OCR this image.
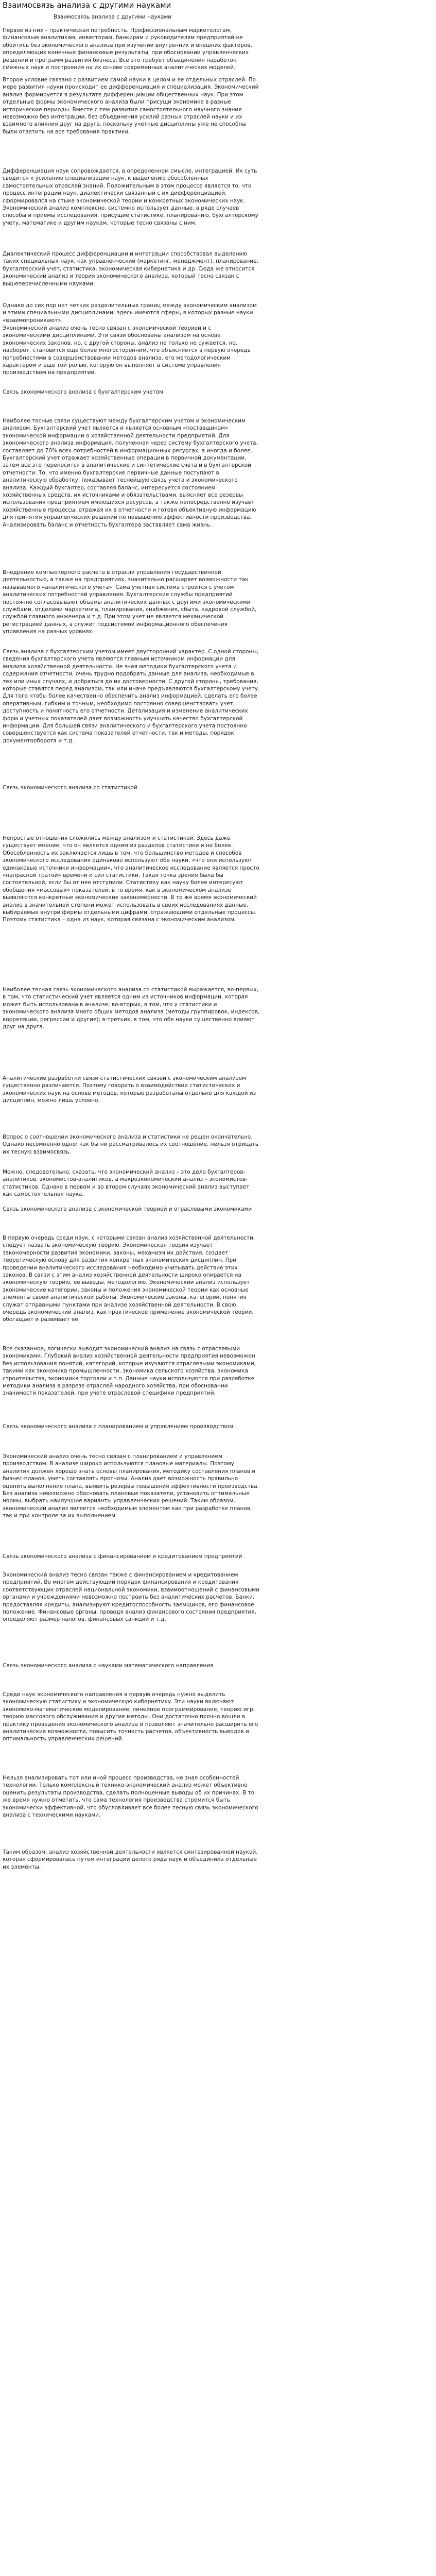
Взаимосвязь анализа с другими науками
Взаимосвязь анализа с другими науками

Первое из них – практическая потребность. Профессиональным маркетологам, финансовым аналитикам, инвесторам, банкирам и руководителям предприятий не обойтись без экономического анализа при изучении внутренних и внешних факторов, определяющих конечные финансовые результаты, при обосновании управленческих решений и программ развития бизнеса. Все это требует объединения наработок смежных наук и построения на их основе современных аналитических моделей.

Второе условие связано с развитием самой науки в целом и ее отдельных отраслей. По мере развития науки происходит ее дифференциация и специализация. Экономический анализ формируется в результате дифференциации общественных наук. При этом отдельные формы экономического анализа были присущи экономике в разные исторические периоды. Вместе с тем развитие самостоятельного научного знания невозможно без интеграции, без объединения усилий разных отраслей науки и их взаимного влияния друг на друга, поскольку учетные дисциплины уже не способны были ответить на все требования практики.

Дифференциация наук сопровождается, в определенном смысле, интеграцией. Их суть сводится к усилению специализации наук, к выделению обособленных самостоятельных отраслей знаний. Положительным в этом процессе является то, что процесс интеграции наук, диалектически связанный с их дифференциацией, сформировался на стыке экономической теории и конкретных экономических наук. Экономический анализ комплексно, системно использует данные, в ряде случаев способы и приемы исследования, присущие статистике, планированию, бухгалтерскому учету, математике и другим наукам, которые тесно связаны с ним.

Диалектический процесс дифференциации и интеграции способствовал выделению таких специальных наук, как управленческий (маркетинг, менеджмент), планирование, бухгалтерский учет, статистика, экономическая кибернетика и др. Сюда же относится экономический анализ и теория экономического анализа, который тесно связан с вышеперечисленными науками.

Однако до сих пор нет четких разделительных границ между экономическим анализом и этими специальными дисциплинами; здесь имеются сферы, в которых разные науки «взаимопроникают».

Экономический анализ очень тесно связан с экономической теорией и с экономическими дисциплинами. Эти связи обоснованы анализом на основе экономических законов, но, с другой стороны, анализ не только не сужается, но, наоборот, становится еще более многосторонним, что объясняется в первую очередь потребностями в совершенствовании методов анализа, его методологическим характером и еще той ролью, которую он выполняет в системе управления производством на предприятии.

Связь экономического анализа с бухгалтерским учетом

Наиболее тесные связи существуют между бухгалтерским учетом и экономическим анализом. Бухгалтерский учет является и является основным «поставщиком» экономической информации о хозяйственной деятельности предприятий. Для экономического анализа информация, полученная через систему бухгалтерского учета, составляет до 70% всех потребностей в информационных ресурсах, а иногда и более. Бухгалтерский учет отражает хозяйственные операции в первичной документации, затем все это переносится в аналитические и синтетические счета и в бухгалтерской отчетности. То, что именно бухгалтерские первичные данные поступают в аналитическую обработку, показывает теснейшую связь учета и экономического анализа. Каждый бухгалтер, составляя баланс, интересуется состоянием хозяйственных средств, их источниками и обязательствами, выясняет все резервы использования предприятием имеющихся ресурсов, а также непосредственно изучает хозяйственные процессы, отражая их в отчетности и готовя объективную информацию для принятия управленческих решений по повышению эффективности производства. Анализировать баланс и отчетность бухгалтера заставляет сама жизнь.

Внедрение компьютерного расчета в отрасли управления государственной деятельностью, а также на предприятиях, значительно расширяет возможности так называемого «аналитического учета». Сама учетная система строится с учетом аналитических потребностей управления. Бухгалтерские службы предприятий постоянно согласовывают объемы аналитических данных с другими экономическими службами, отделами маркетинга, планирования, снабжения, сбыта, кадровой службой, службой главного инженера и т.д. При этом учет не является механической регистрацией данных, а служит подсистемой информационного обеспечения управления на разных уровнях.

Связь анализа с бухгалтерским учетом имеет двусторонний характер. С одной стороны, сведения бухгалтерского учета являются главным источником информации для анализа хозяйственной деятельности. Не зная методики бухгалтерского учета и содержания отчетности, очень трудно подобрать данные для анализа, необходимые в тех или иных случаях, и добраться до их достоверности. С другой стороны, требования, которые ставятся перед анализом, так или иначе предъявляются бухгалтерскому учету. Для того чтобы более качественно обеспечить анализ информацией, сделать его более оперативным, гибким и точным, необходимо постоянно совершенствовать учет, доступность и понятность его отчетности. Детализация и изменение аналитических форм и учетных показателей дает возможность улучшить качество бухгалтерской информации. Для большей связи аналитического и бухгалтерского учета постоянно совершенствуется как система показателей отчетности, так и методы, порядок документооборота и т.д.

Связь экономического анализа со статистикой

Непростые отношения сложились между анализом и статистикой. Здесь даже существует мнение, что он является одним из разделов статистики и не более. Обособленность их заключается лишь в том, что большинство методов и способов экономического исследования одинаково используют обе науки, «что они используют одинаковые источники информации», что аналитическое исследование является просто «напрасной тратой» времени и сил статистики. Такая точка зрения была бы состоятельной, если бы от нее отступили. Статистику как науку более интересуют обобщения «массовых» показателей, в то время, как в экономическом анализе выявляются конкретные экономические закономерности. В то же время экономический анализ в значительной степени может использовать в своих исследованиях данные, выбираемые внутри фирмы отдельными цифрами, отражающими отдельные процессы. Поэтому статистика – одна из наук, которая связана с экономическим анализом.

Наиболее тесная связь экономического анализа со статистикой выражается, во-первых, в том, что статистический учет является одним из источников информации, которая может быть использована в анализе; во-вторых, в том, что у статистики и экономического анализа много общих методов анализа (методы группировок, индексов, корреляции, регрессии и другие); в-третьих, в том, что обе науки существенно влияют друг на друга.

Аналитические разработки связи статистических связей с экономическим анализом существенно различаются. Поэтому говорить о взаимодействии статистических и экономических наук на основе методов, которые разработаны отдельно для каждой из дисциплин, можно лишь условно.

Вопрос о соотношении экономического анализа и статистики не решен окончательно. Однако несомненно одно: как бы ни рассматривалось их соотношение, нельзя отрицать их тесную взаимосвязь.

Можно, следовательно, сказать, что экономический анализ – это дело бухгалтеров-аналитиков, экономистов-аналитиков, а макроэкономический анализ – экономистов-статистиков. Однако в первом и во втором случаях экономический анализ выступает как самостоятельная наука.

Связь экономического анализа с экономической теорией и отраслевыми экономиками

В первую очередь среди наук, с которыми связан анализ хозяйственной деятельности, следует назвать экономическую теорию. Экономическая теория изучает закономерности развития экономики, законы, механизм их действия, создает теоретическую основу для развития конкретных экономических дисциплин. При проведении аналитического исследования необходимо учитывать действие этих законов. В связи с этим анализ хозяйственной деятельности широко опирается на экономическую теорию, ее выводы, методологию. Экономический анализ использует экономические категории, законы и положения экономической теории как основные элементы своей аналитической работы. Экономические законы, категории, понятия служат отправными пунктами при анализе хозяйственной деятельности. В свою очередь экономический анализ, как практическое применение экономической теории, обогащает и развивает ее.

Все сказанное, логически выводит экономический анализ на связь с отраслевыми экономиками. Глубокий анализ хозяйственной деятельности предприятия невозможен без использования понятий, категорий, которые изучаются отраслевыми экономиками, такими как экономика промышленности, экономика сельского хозяйства, экономика строительства, экономика торговли и т.п. Данные науки используются при разработке методики анализа в разрезе отраслей народного хозяйства, при обосновании значимости показателей, при учете отраслевой специфики предприятий.

Связь экономического анализа с планированием и управлением производством

Экономический анализ очень тесно связан с планированием и управлением производством. В анализе широко используются плановые материалы. Поэтому аналитик должен хорошо знать основы планирования, методику составления планов и бизнес-планов, уметь составлять прогнозы. Анализ дает возможность правильно оценить выполнение плана, выявить резервы повышения эффективности производства. Без анализа невозможно обосновать плановые показатели, установить оптимальные нормы, выбрать наилучшие варианты управленческих решений. Таким образом, экономический анализ является необходимым элементом как при разработке планов, так и при контроле за их выполнением.

Связь экономического анализа с финансированием и кредитованием предприятий

Экономический анализ тесно связан также с финансированием и кредитованием предприятий. Во многом действующий порядок финансирования и кредитования соответствующих отраслей национальной экономики, взаимоотношений с финансовыми органами и учреждениями невозможно построить без аналитических расчетов. Банки, предоставляя кредиты, анализируют кредитоспособность заемщиков, его финансовое положение. Финансовые органы, проводя анализ финансового состояния предприятия, определяют размер налогов, финансовых санкций и т.д.

Связь экономического анализа с науками математического направления

Среди наук экономического направления в первую очередь нужно выделить экономическую статистику и экономическую кибернетику. Эти науки включают экономико-математическое моделирование, линейное программирование, теорию игр, теорию массового обслуживания и другие методы. Они достаточно прочно вошли в практику проведения экономического анализа и позволяют значительно расширить его аналитические возможности, повысить точность расчетов, объективность выводов и оптимальность управленческих решений.

Нельзя анализировать тот или иной процесс производства, не зная особенностей технологии. Только комплексный технико-экономический анализ может объективно оценить результаты производства, сделать полноценные выводы об их причинах. В то же время нужно отметить, что сама технология производства стремится быть экономически эффективной, что обусловливает все более тесную связь экономического анализа с техническими науками.

Таким образом, анализ хозяйственной деятельности является синтезированной наукой, которая сформировалась путем интеграции целого ряда наук и объединила отдельные их элементы.
